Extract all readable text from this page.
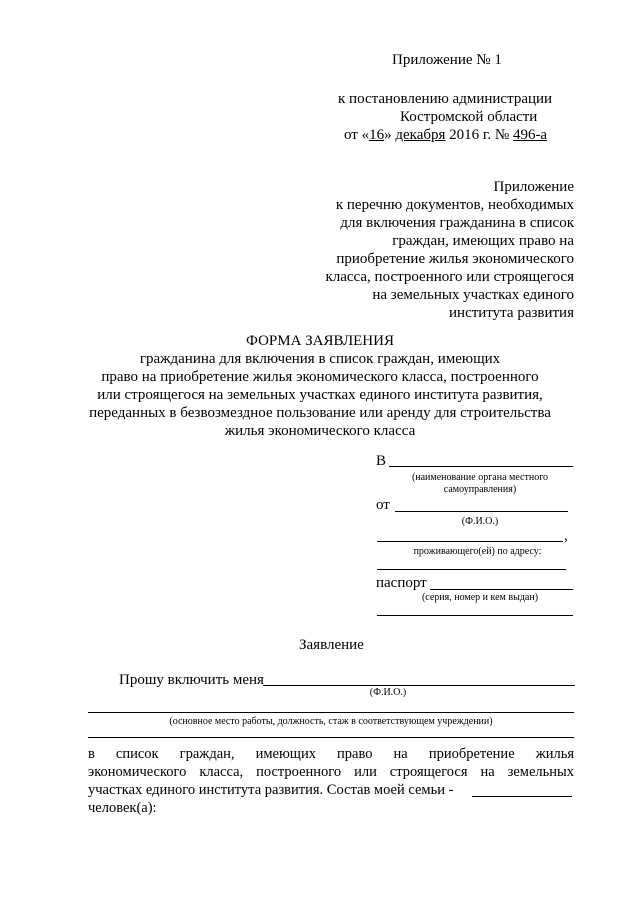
Приложение № 1
к постановлению администрации
Костромской области
от «16» декабря 2016 г. № 496-а
Приложение
к перечню документов, необходимых
для включения гражданина в список
граждан, имеющих право на
приобретение жилья экономического
класса, построенного или строящегося
на земельных участках единого
института развития
ФОРМА ЗАЯВЛЕНИЯ
гражданина для включения в список граждан, имеющих
право на приобретение жилья экономического класса, построенного
или строящегося на земельных участках единого института развития,
переданных в безвозмездное пользование или аренду для строительства
жилья экономического класса
В
(наименование органа местного
самоуправления)
от
(Ф.И.О.)
,
проживающего(ей) по адресу:
паспорт
(серия, номер и кем выдан)
Заявление
Прошу включить меня
(Ф.И.О.)
(основное место работы, должность, стаж в соответствующем учреждении)
в список граждан, имеющих право на приобретение жилья
экономического класса, построенного или строящегося на земельных
участках единого института развития. Состав моей семьи -
человек(а):
